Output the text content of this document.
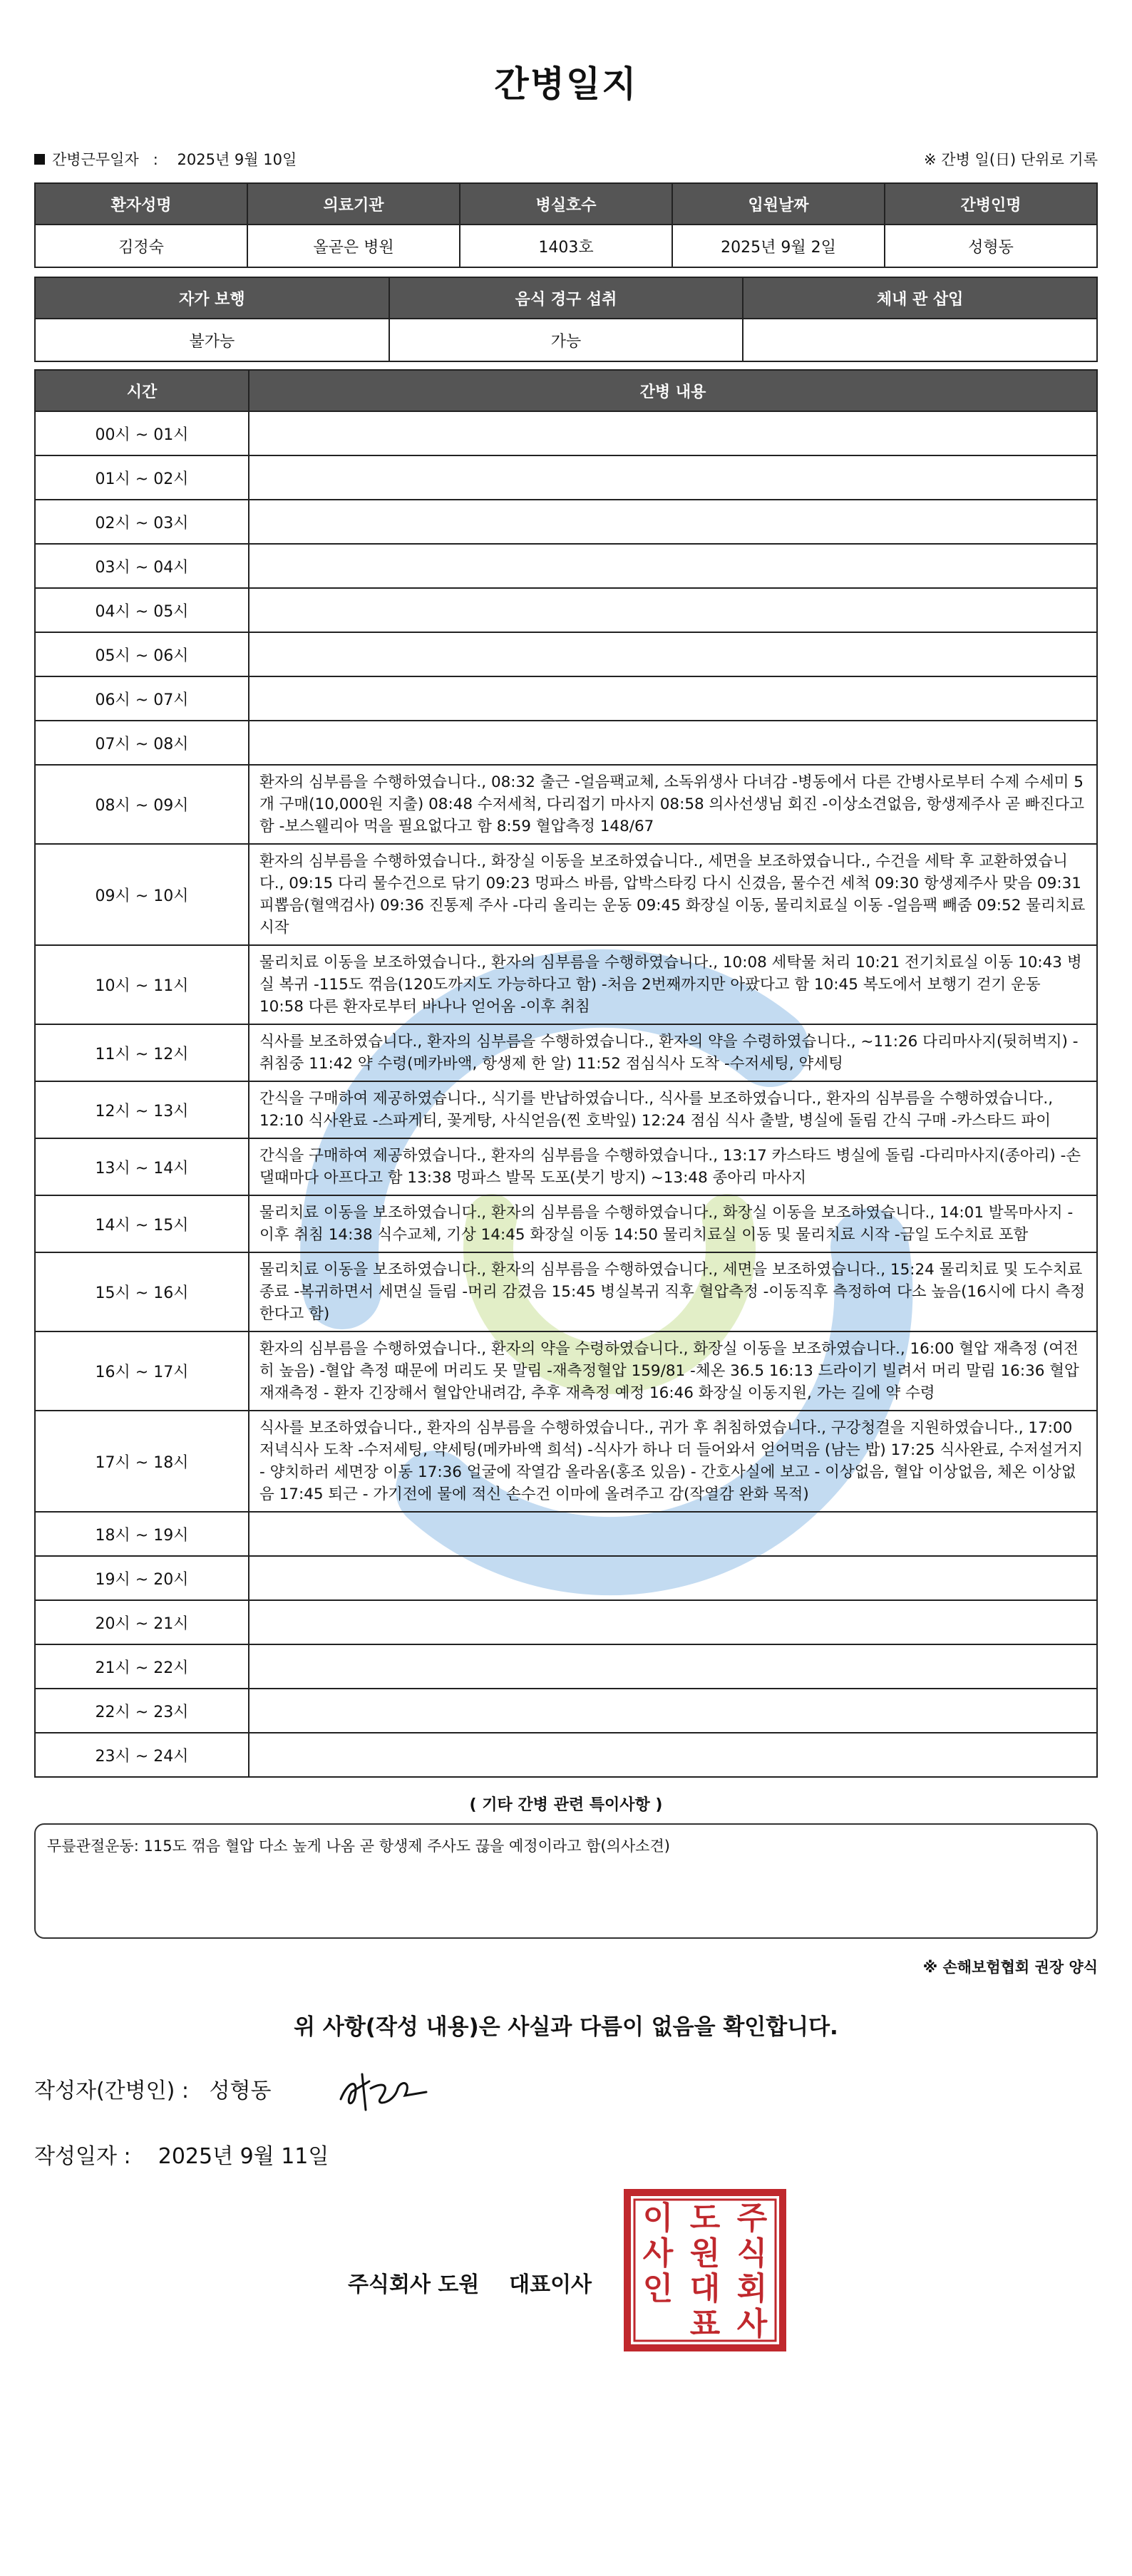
간병일지
간병근무일자 : 2025년 9월 10일	※ 간병 일(日) 단위로 기록
환자성명	의료기관	병실호수	입원날짜	간병인명
김정숙	올곧은 병원	1403호	2025년 9월 2일	성형동
자가 보행	음식 경구 섭취	체내 관 삽입
불가능	가능	
시간	간병 내용
00시 ~ 01시	
01시 ~ 02시	
02시 ~ 03시	
03시 ~ 04시	
04시 ~ 05시	
05시 ~ 06시	
06시 ~ 07시	
07시 ~ 08시	
08시 ~ 09시	환자의 심부름을 수행하였습니다., 08:32 출근 -얼음팩교체, 소독위생사 다녀감 -병동에서 다른 간병사로부터 수제 수세미 5개 구매(10,000원 지출) 08:48 수저세척, 다리접기 마사지 08:58 의사선생님 회진 -이상소견없음, 항생제주사 곧 빠진다고 함 -보스웰리아 먹을 필요없다고 함 8:59 혈압측정 148/67
09시 ~ 10시	환자의 심부름을 수행하였습니다., 화장실 이동을 보조하였습니다., 세면을 보조하였습니다., 수건을 세탁 후 교환하였습니다., 09:15 다리 물수건으로 닦기 09:23 멍파스 바름, 압박스타킹 다시 신겼음, 물수건 세척 09:30 항생제주사 맞음 09:31 피뽑음(혈액검사) 09:36 진통제 주사 -다리 올리는 운동 09:45 화장실 이동, 물리치료실 이동 -얼음팩 빼줌 09:52 물리치료 시작
10시 ~ 11시	물리치료 이동을 보조하였습니다., 환자의 심부름을 수행하였습니다., 10:08 세탁물 처리 10:21 전기치료실 이동 10:43 병실 복귀 -115도 꺾음(120도까지도 가능하다고 함) -처음 2번째까지만 아팠다고 함 10:45 복도에서 보행기 걷기 운동 10:58 다른 환자로부터 바나나 얻어옴 -이후 취침
11시 ~ 12시	식사를 보조하였습니다., 환자의 심부름을 수행하였습니다., 환자의 약을 수령하였습니다., ~11:26 다리마사지(뒷허벅지) -취침중 11:42 약 수령(메카바액, 항생제 한 알) 11:52 점심식사 도착 -수저세팅, 약세팅
12시 ~ 13시	간식을 구매하여 제공하였습니다., 식기를 반납하였습니다., 식사를 보조하였습니다., 환자의 심부름을 수행하였습니다., 12:10 식사완료 -스파게티, 꽃게탕, 사식얻음(찐 호박잎) 12:24 점심 식사 출발, 병실에 돌림 간식 구매 -카스타드 파이
13시 ~ 14시	간식을 구매하여 제공하였습니다., 환자의 심부름을 수행하였습니다., 13:17 카스타드 병실에 돌림 -다리마사지(종아리) -손댈때마다 아프다고 함 13:38 멍파스 발목 도포(붓기 방지) ~13:48 종아리 마사지
14시 ~ 15시	물리치료 이동을 보조하였습니다., 환자의 심부름을 수행하였습니다., 화장실 이동을 보조하였습니다., 14:01 발목마사지 - 이후 취침 14:38 식수교체, 기상 14:45 화장실 이동 14:50 물리치료실 이동 및 물리치료 시작 -금일 도수치료 포함
15시 ~ 16시	물리치료 이동을 보조하였습니다., 환자의 심부름을 수행하였습니다., 세면을 보조하였습니다., 15:24 물리치료 및 도수치료 종료 -복귀하면서 세면실 들림 -머리 감겼음 15:45 병실복귀 직후 혈압측정 -이동직후 측정하여 다소 높음(16시에 다시 측정한다고 함)
16시 ~ 17시	환자의 심부름을 수행하였습니다., 환자의 약을 수령하였습니다., 화장실 이동을 보조하였습니다., 16:00 혈압 재측정 (여전히 높음) -혈압 측정 때문에 머리도 못 말림 -재측정혈압 159/81 -체온 36.5 16:13 드라이기 빌려서 머리 말림 16:36 혈압 재재측정 - 환자 긴장해서 혈압안내려감, 추후 재측정 예정 16:46 화장실 이동지원, 가는 길에 약 수령
17시 ~ 18시	식사를 보조하였습니다., 환자의 심부름을 수행하였습니다., 귀가 후 취침하였습니다., 구강청결을 지원하였습니다., 17:00 저녁식사 도착 -수저세팅, 약세팅(메카바액 희석) -식사가 하나 더 들어와서 얻어먹음 (남는 밥) 17:25 식사완료, 수저설거지 - 양치하러 세면장 이동 17:36 얼굴에 작열감 올라옴(홍조 있음) - 간호사실에 보고 - 이상없음, 혈압 이상없음, 체온 이상없음 17:45 퇴근 - 가기전에 물에 적신 손수건 이마에 올려주고 감(작열감 완화 목적)
18시 ~ 19시	
19시 ~ 20시	
20시 ~ 21시	
21시 ~ 22시	
22시 ~ 23시	
23시 ~ 24시	
( 기타 간병 관련 특이사항 )
무릎관절운동: 115도 꺾음 혈압 다소 높게 나옴 곧 항생제 주사도 끊을 예정이라고 함(의사소견)
※ 손해보험협회 권장 양식
위 사항(작성 내용)은 사실과 다름이 없음을 확인합니다.
작성자(간병인) : 성형동
작성일자 : 2025년 9월 11일
주식회사 도원 대표이사
주
식
회
사
도
원
대
표
이
사
인
